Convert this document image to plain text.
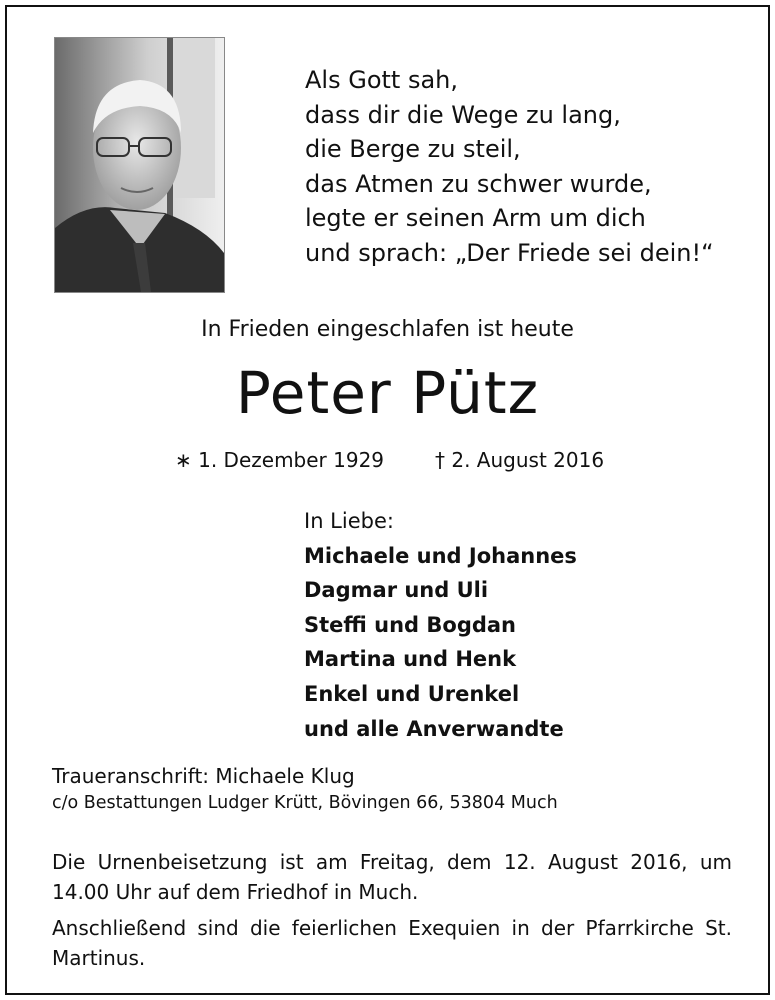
Als Gott sah,
dass dir die Wege zu lang,
die Berge zu steil,
das Atmen zu schwer wurde,
legte er seinen Arm um dich
und sprach: „Der Friede sei dein!“
In Frieden eingeschlafen ist heute
Peter Pütz
∗ 1. Dezember 1929	† 2. August 2016
In Liebe:
Michaele und Johannes
Dagmar und Uli
Steffi und Bogdan
Martina und Henk
Enkel und Urenkel
und alle Anverwandte
Traueranschrift: Michaele Klug
c/o Bestattungen Ludger Krütt, Bövingen 66, 53804 Much

Die Urnenbeisetzung ist am Freitag, dem 12. August 2016, um 14.00 Uhr auf dem Friedhof in Much.

Anschließend sind die feierlichen Exequien in der Pfarrkirche St. Martinus.
